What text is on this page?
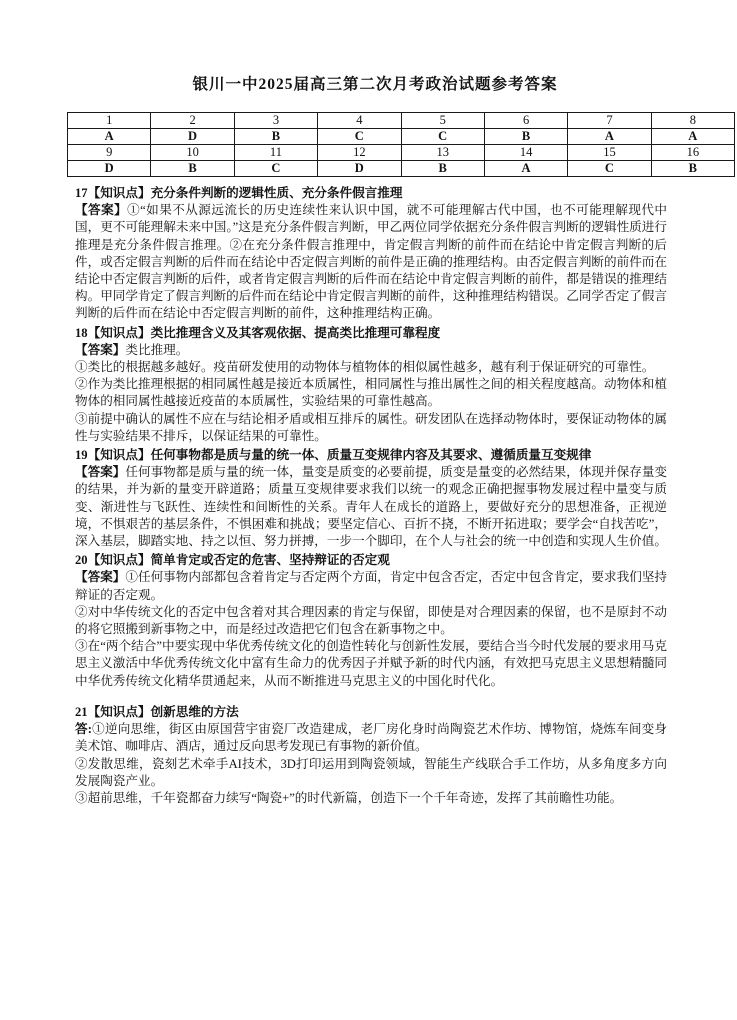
银川一中2025届高三第二次月考政治试题参考答案
1	2	3	4	5	6	7	8
A	D	B	C	C	B	A	A
9	10	11	12	13	14	15	16
D	B	C	D	B	A	C	B
17【知识点】充分条件判断的逻辑性质、充分条件假言推理

【答案】①“如果不从源远流长的历史连续性来认识中国，就不可能理解古代中国，也不可能理解现代中国，更不可能理解未来中国。”这是充分条件假言判断，甲乙两位同学依据充分条件假言判断的逻辑性质进行推理是充分条件假言推理。②在充分条件假言推理中，肯定假言判断的前件而在结论中肯定假言判断的后件，或否定假言判断的后件而在结论中否定假言判断的前件是正确的推理结构。由否定假言判断的前件而在结论中否定假言判断的后件，或者肯定假言判断的后件而在结论中肯定假言判断的前件，都是错误的推理结构。甲同学肯定了假言判断的后件而在结论中肯定假言判断的前件，这种推理结构错误。乙同学否定了假言判断的后件而在结论中否定假言判断的前件，这种推理结构正确。

18【知识点】类比推理含义及其客观依据、提高类比推理可靠程度

【答案】类比推理。

①类比的根据越多越好。疫苗研发使用的动物体与植物体的相似属性越多，越有利于保证研究的可靠性。

②作为类比推理根据的相同属性越是接近本质属性，相同属性与推出属性之间的相关程度越高。动物体和植物体的相同属性越接近疫苗的本质属性，实验结果的可靠性越高。

③前提中确认的属性不应在与结论相矛盾或相互排斥的属性。研发团队在选择动物体时，要保证动物体的属性与实验结果不排斥，以保证结果的可靠性。

19【知识点】任何事物都是质与量的统一体、质量互变规律内容及其要求、遵循质量互变规律

【答案】任何事物都是质与量的统一体，量变是质变的必要前提，质变是量变的必然结果，体现并保存量变的结果，并为新的量变开辟道路；质量互变规律要求我们以统一的观念正确把握事物发展过程中量变与质变、渐进性与飞跃性、连续性和间断性的关系。青年人在成长的道路上，要做好充分的思想准备，正视逆境，不惧艰苦的基层条件，不惧困难和挑战；要坚定信心、百折不挠，不断开拓进取；要学会“自找苦吃”，深入基层，脚踏实地、持之以恒、努力拼搏，一步一个脚印，在个人与社会的统一中创造和实现人生价值。

20【知识点】简单肯定或否定的危害、坚持辩证的否定观

【答案】①任何事物内部都包含着肯定与否定两个方面，肯定中包含否定，否定中包含肯定，要求我们坚持辩证的否定观。

②对中华传统文化的否定中包含着对其合理因素的肯定与保留，即使是对合理因素的保留，也不是原封不动的将它照搬到新事物之中，而是经过改造把它们包含在新事物之中。

③在“两个结合”中要实现中华优秀传统文化的创造性转化与创新性发展，要结合当今时代发展的要求用马克思主义激活中华优秀传统文化中富有生命力的优秀因子并赋予新的时代内涵，有效把马克思主义思想精髓同中华优秀传统文化精华贯通起来，从而不断推进马克思主义的中国化时代化。

21【知识点】创新思维的方法

答:①逆向思维，街区由原国营宇宙瓷厂改造建成，老厂房化身时尚陶瓷艺术作坊、博物馆，烧炼车间变身美术馆、咖啡店、酒店，通过反向思考发现已有事物的新价值。

②发散思维，瓷刻艺术牵手AI技术，3D打印运用到陶瓷领域，智能生产线联合手工作坊，从多角度多方向发展陶瓷产业。

③超前思维，千年瓷都奋力续写“陶瓷+”的时代新篇，创造下一个千年奇迹，发挥了其前瞻性功能。
